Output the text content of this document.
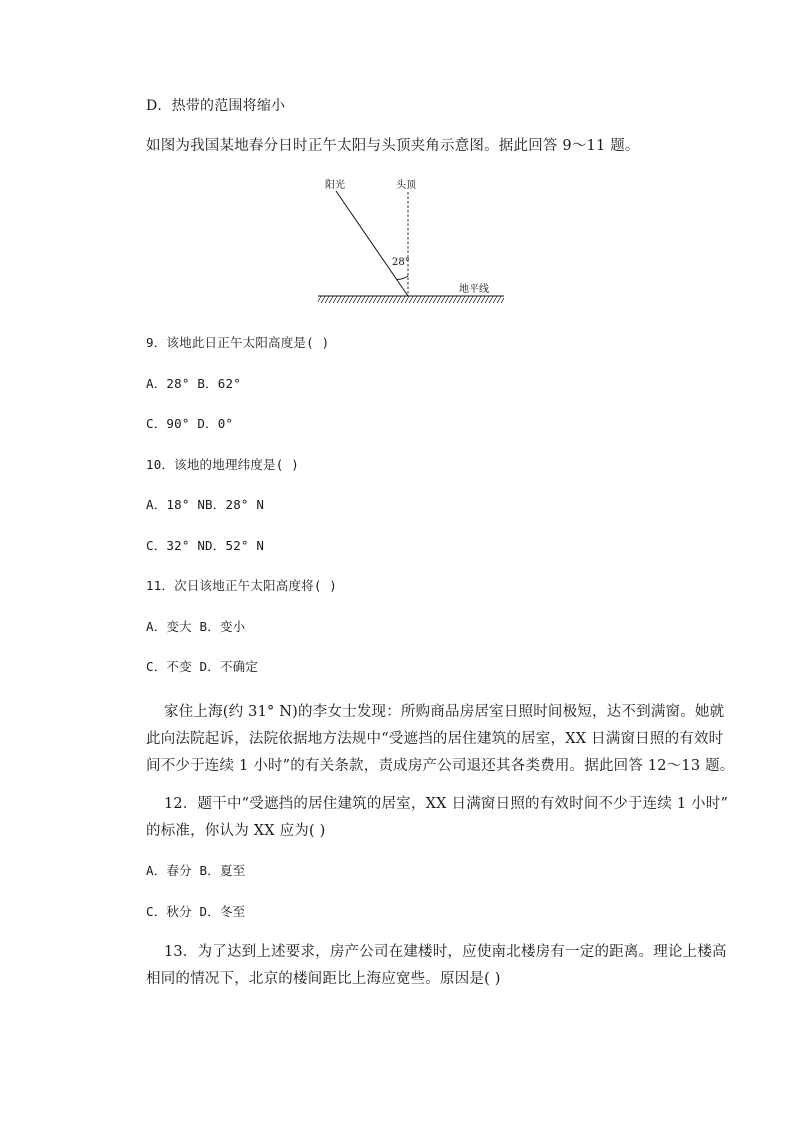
D．热带的范围将缩小
如图为我国某地春分日时正午太阳与头顶夹角示意图。据此回答 9～11 题。
阳光	头顶
28°
地平线
9．该地此日正午太阳高度是( )
A．28° B．62°
C．90° D．0°
10．该地的地理纬度是( )
A．18° NB．28° N
C．32° ND．52° N
11．次日该地正午太阳高度将( )
A．变大 B．变小
C．不变 D．不确定
家住上海(约 31° N)的李女士发现：所购商品房居室日照时间极短，达不到满窗。她就
此向法院起诉，法院依据地方法规中“受遮挡的居住建筑的居室，XX 日满窗日照的有效时
间不少于连续 1 小时”的有关条款，责成房产公司退还其各类费用。据此回答 12～13 题。
12．题干中“受遮挡的居住建筑的居室，XX 日满窗日照的有效时间不少于连续 1 小时”
的标准，你认为 XX 应为( )
A．春分 B．夏至
C．秋分 D．冬至
13．为了达到上述要求，房产公司在建楼时，应使南北楼房有一定的距离。理论上楼高
相同的情况下，北京的楼间距比上海应宽些。原因是( )
